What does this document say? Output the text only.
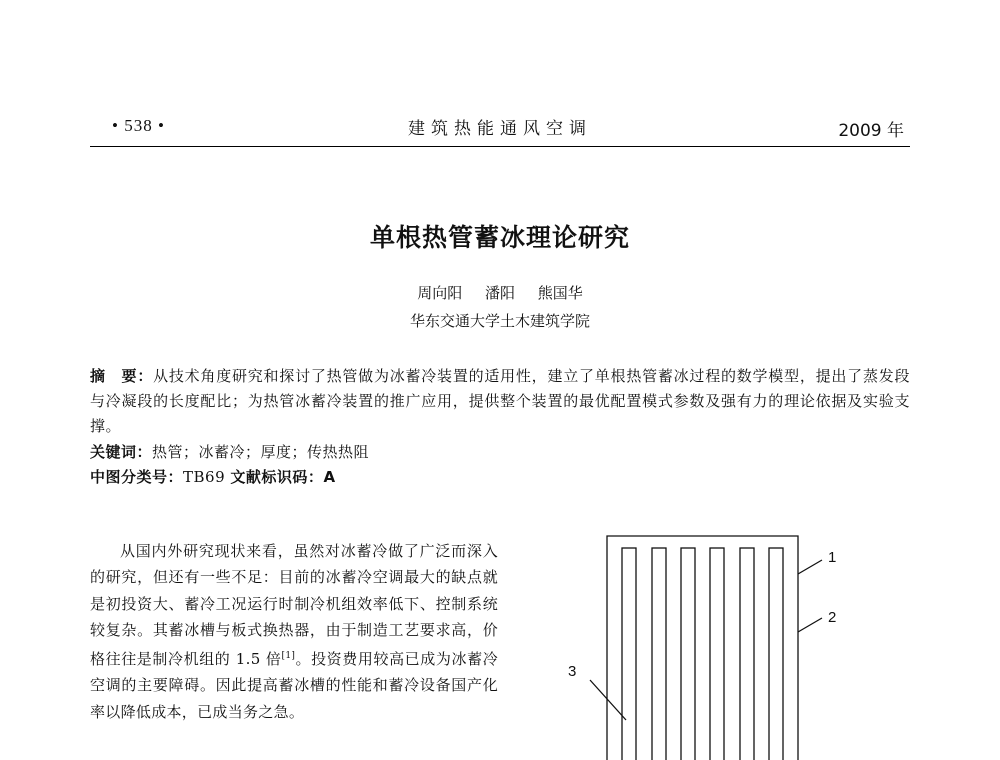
• 538 •	建筑热能通风空调	2009 年
单根热管蓄冰理论研究
周向阳 潘阳 熊国华
华东交通大学土木建筑学院
摘　要：从技术角度研究和探讨了热管做为冰蓄冷装置的适用性，建立了单根热管蓄冰过程的数学模型，提出了蒸发段与冷凝段的长度配比；为热管冰蓄冷装置的推广应用，提供整个装置的最优配置模式参数及强有力的理论依据及实验支撑。
关键词：热管；冰蓄冷；厚度；传热热阻
中图分类号：TB69 文献标识码：A
从国内外研究现状来看，虽然对冰蓄冷做了广泛而深入的研究，但还有一些不足：目前的冰蓄冷空调最大的缺点就是初投资大、蓄冷工况运行时制冷机组效率低下、控制系统较复杂。其蓄冰槽与板式换热器，由于制造工艺要求高，价格往往是制冷机组的 1.5 倍[1]。投资费用较高已成为冰蓄冷空调的主要障碍。因此提高蓄冰槽的性能和蓄冷设备国产化率以降低成本，已成当务之急。
1
2
3
